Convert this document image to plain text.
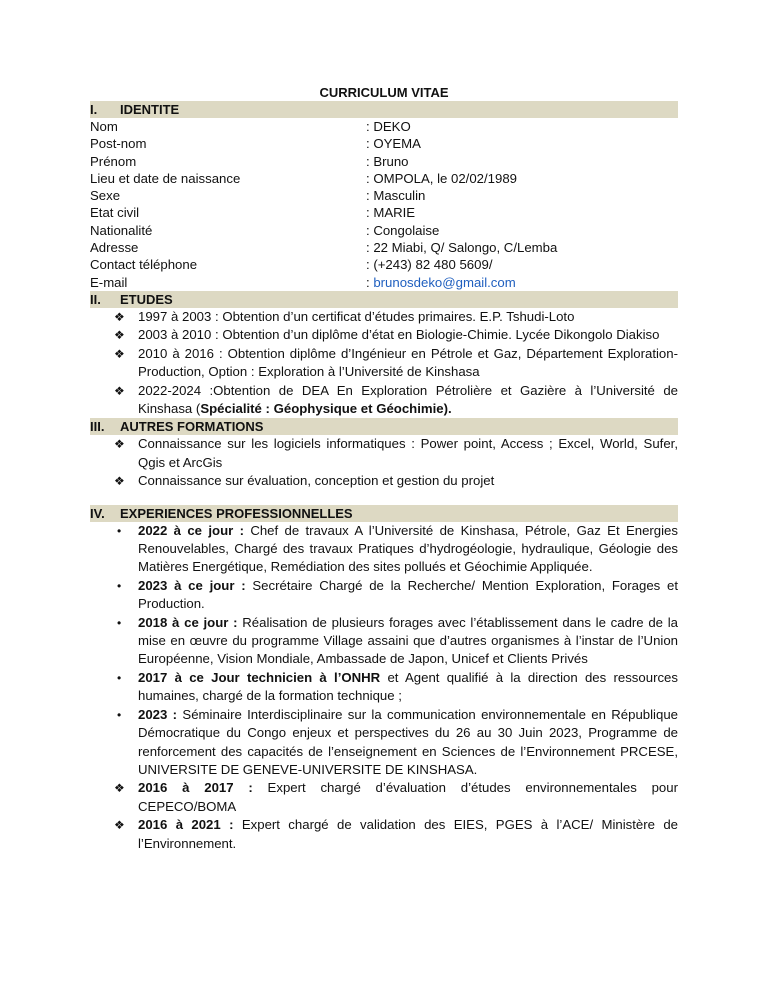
CURRICULUM VITAE
I. IDENTITE
Nom	: DEKO
Post-nom	: OYEMA
Prénom	: Bruno
Lieu et date de naissance	: OMPOLA, le 02/02/1989
Sexe	: Masculin
Etat civil	: MARIE
Nationalité	: Congolaise
Adresse	: 22 Miabi, Q/ Salongo, C/Lemba
Contact téléphone	: (+243) 82 480 5609/
E-mail	: brunosdeko@gmail.com
II. ETUDES
❖ 1997 à 2003 : Obtention d’un certificat d’études primaires. E.P. Tshudi-Loto
❖ 2003 à 2010 : Obtention d’un diplôme d’état en Biologie-Chimie. Lycée Dikongolo Diakiso
❖ 2010 à 2016 : Obtention diplôme d’Ingénieur en Pétrole et Gaz, Département Exploration-Production, Option : Exploration à l’Université de Kinshasa
❖ 2022-2024 :Obtention de DEA En Exploration Pétrolière et Gazière à l’Université de Kinshasa (Spécialité : Géophysique et Géochimie).
III. AUTRES FORMATIONS
❖ Connaissance sur les logiciels informatiques : Power point, Access ; Excel, World, Sufer, Qgis et ArcGis
❖ Connaissance sur évaluation, conception et gestion du projet
IV. EXPERIENCES PROFESSIONNELLES
• 2022 à ce jour : Chef de travaux A l’Université de Kinshasa, Pétrole, Gaz Et Energies Renouvelables, Chargé des travaux Pratiques d’hydrogéologie, hydraulique, Géologie des Matières Energétique, Remédiation des sites pollués et Géochimie Appliquée.
• 2023 à ce jour : Secrétaire Chargé de la Recherche/ Mention Exploration, Forages et Production.
• 2018 à ce jour : Réalisation de plusieurs forages avec l’établissement dans le cadre de la mise en œuvre du programme Village assaini que d’autres organismes à l’instar de l’Union Européenne, Vision Mondiale, Ambassade de Japon, Unicef et Clients Privés
• 2017 à ce Jour technicien à l’ONHR et Agent qualifié à la direction des ressources humaines, chargé de la formation technique ;
• 2023 : Séminaire Interdisciplinaire sur la communication environnementale en République Démocratique du Congo enjeux et perspectives du 26 au 30 Juin 2023, Programme de renforcement des capacités de l’enseignement en Sciences de l’Environnement PRCESE, UNIVERSITE DE GENEVE-UNIVERSITE DE KINSHASA.
❖ 2016 à 2017 : Expert chargé d’évaluation d’études environnementales pour CEPECO/BOMA
❖ 2016 à 2021 : Expert chargé de validation des EIES, PGES à l’ACE/ Ministère de l’Environnement.
